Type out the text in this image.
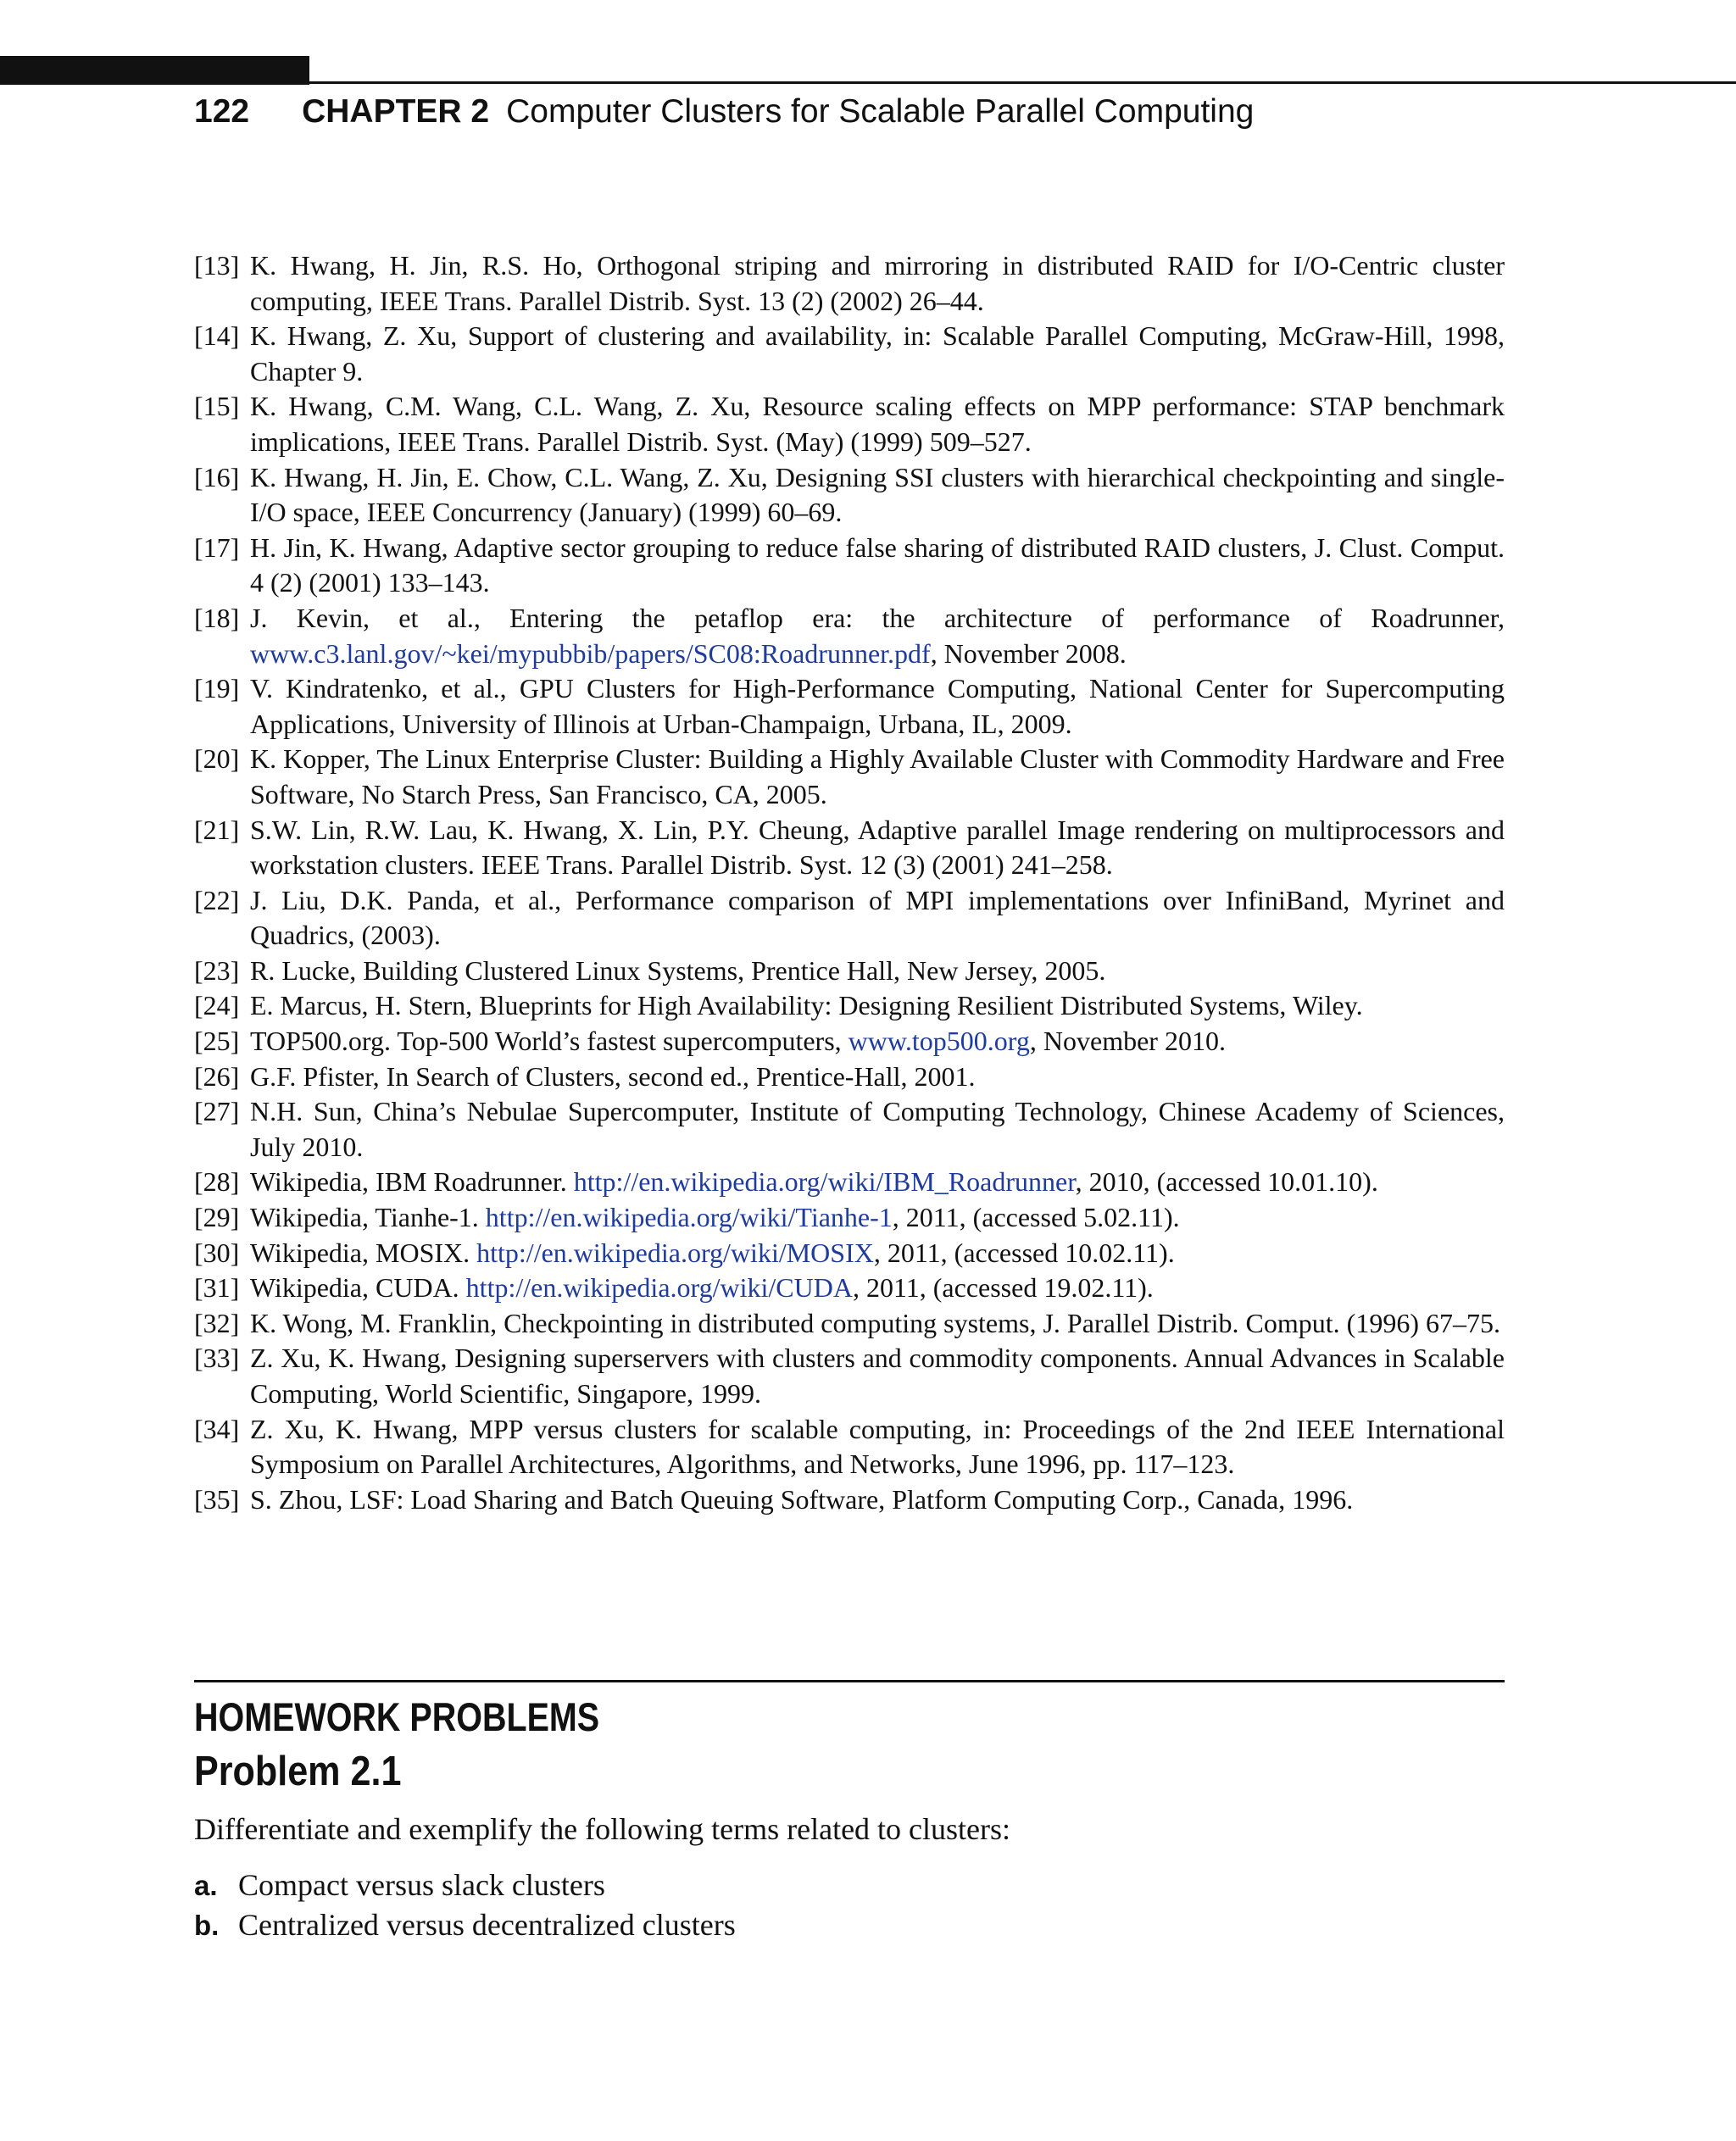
122 CHAPTER 2 Computer Clusters for Scalable Parallel Computing

[13] K. Hwang, H. Jin, R.S. Ho, Orthogonal striping and mirroring in distributed RAID for I/O-Centric cluster computing, IEEE Trans. Parallel Distrib. Syst. 13 (2) (2002) 26–44.

[14] K. Hwang, Z. Xu, Support of clustering and availability, in: Scalable Parallel Computing, McGraw-Hill, 1998, Chapter 9.

[15] K. Hwang, C.M. Wang, C.L. Wang, Z. Xu, Resource scaling effects on MPP performance: STAP benchmark implications, IEEE Trans. Parallel Distrib. Syst. (May) (1999) 509–527.

[16] K. Hwang, H. Jin, E. Chow, C.L. Wang, Z. Xu, Designing SSI clusters with hierarchical checkpointing and single-I/O space, IEEE Concurrency (January) (1999) 60–69.

[17] H. Jin, K. Hwang, Adaptive sector grouping to reduce false sharing of distributed RAID clusters, J. Clust. Comput. 4 (2) (2001) 133–143.

[18] J. Kevin, et al., Entering the petaflop era: the architecture of performance of Roadrunner, www.c3.lanl.gov/~kei/mypubbib/papers/SC08:Roadrunner.pdf, November 2008.

[19] V. Kindratenko, et al., GPU Clusters for High-Performance Computing, National Center for Supercomputing Applications, University of Illinois at Urban-Champaign, Urbana, IL, 2009.

[20] K. Kopper, The Linux Enterprise Cluster: Building a Highly Available Cluster with Commodity Hardware and Free Software, No Starch Press, San Francisco, CA, 2005.

[21] S.W. Lin, R.W. Lau, K. Hwang, X. Lin, P.Y. Cheung, Adaptive parallel Image rendering on multiprocessors and workstation clusters. IEEE Trans. Parallel Distrib. Syst. 12 (3) (2001) 241–258.

[22] J. Liu, D.K. Panda, et al., Performance comparison of MPI implementations over InfiniBand, Myrinet and Quadrics, (2003).

[23] R. Lucke, Building Clustered Linux Systems, Prentice Hall, New Jersey, 2005.

[24] E. Marcus, H. Stern, Blueprints for High Availability: Designing Resilient Distributed Systems, Wiley.

[25] TOP500.org. Top-500 World’s fastest supercomputers, www.top500.org, November 2010.

[26] G.F. Pfister, In Search of Clusters, second ed., Prentice-Hall, 2001.

[27] N.H. Sun, China’s Nebulae Supercomputer, Institute of Computing Technology, Chinese Academy of Sciences, July 2010.

[28] Wikipedia, IBM Roadrunner. http://en.wikipedia.org/wiki/IBM_Roadrunner, 2010, (accessed 10.01.10).

[29] Wikipedia, Tianhe-1. http://en.wikipedia.org/wiki/Tianhe-1, 2011, (accessed 5.02.11).

[30] Wikipedia, MOSIX. http://en.wikipedia.org/wiki/MOSIX, 2011, (accessed 10.02.11).

[31] Wikipedia, CUDA. http://en.wikipedia.org/wiki/CUDA, 2011, (accessed 19.02.11).

[32] K. Wong, M. Franklin, Checkpointing in distributed computing systems, J. Parallel Distrib. Comput. (1996) 67–75.

[33] Z. Xu, K. Hwang, Designing superservers with clusters and commodity components. Annual Advances in Scalable Computing, World Scientific, Singapore, 1999.

[34] Z. Xu, K. Hwang, MPP versus clusters for scalable computing, in: Proceedings of the 2nd IEEE International Symposium on Parallel Architectures, Algorithms, and Networks, June 1996, pp. 117–123.

[35] S. Zhou, LSF: Load Sharing and Batch Queuing Software, Platform Computing Corp., Canada, 1996.

HOMEWORK PROBLEMS
Problem 2.1
Differentiate and exemplify the following terms related to clusters:
a. Compact versus slack clusters
b. Centralized versus decentralized clusters
